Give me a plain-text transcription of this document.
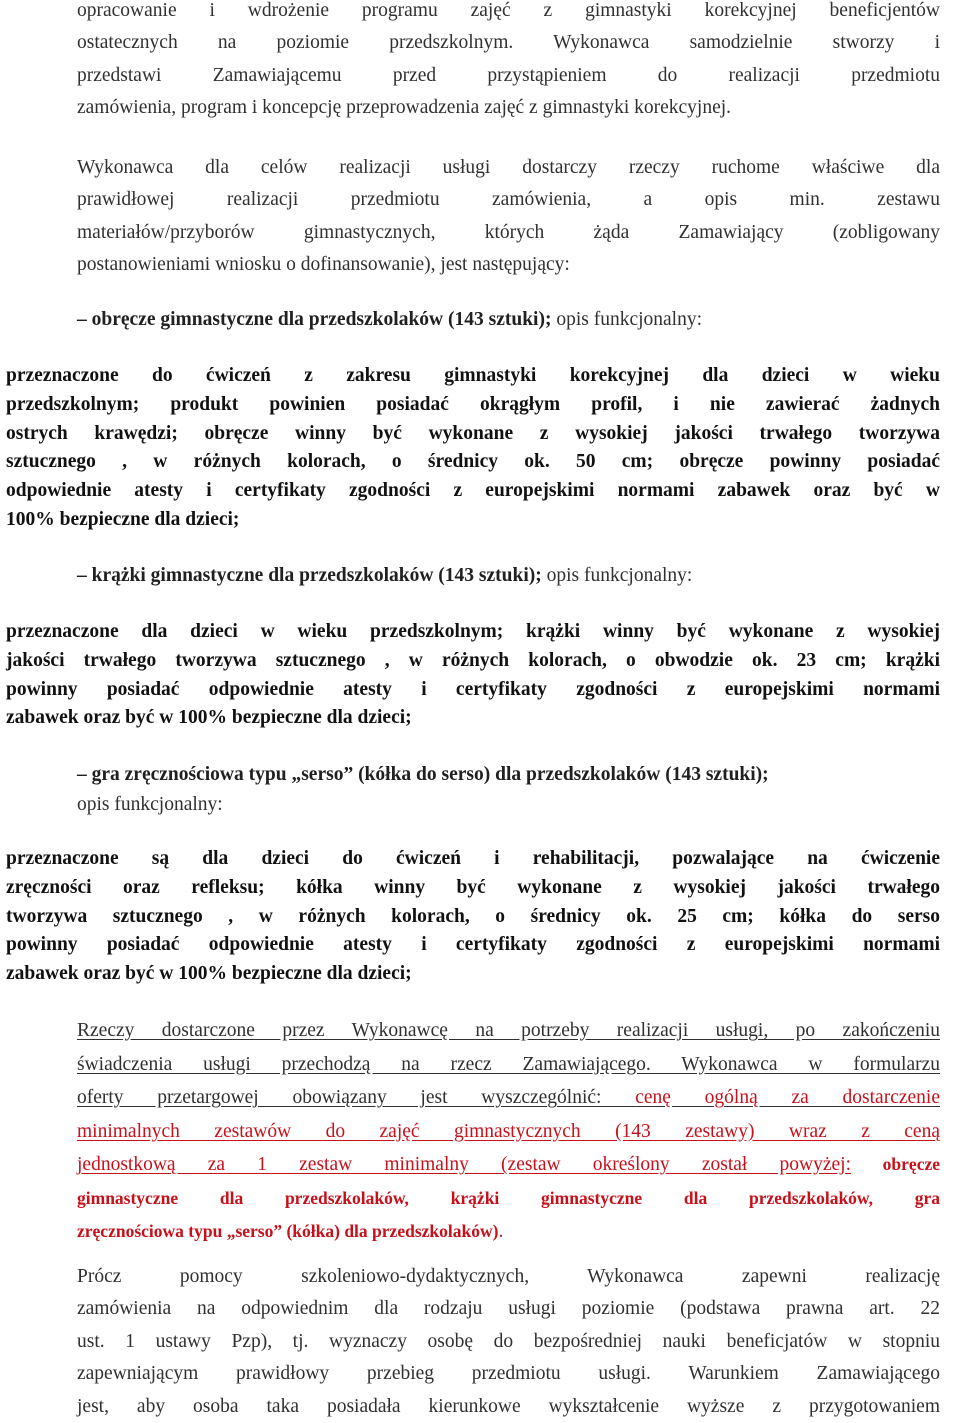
opracowanie i wdrożenie programu zajęć z gimnastyki korekcyjnej beneficjentów
ostatecznych na poziomie przedszkolnym. Wykonawca samodzielnie stworzy i
przedstawi Zamawiającemu przed przystąpieniem do realizacji przedmiotu
zamówienia, program i koncepcję przeprowadzenia zajęć z gimnastyki korekcyjnej.
Wykonawca dla celów realizacji usługi dostarczy rzeczy ruchome właściwe dla
prawidłowej realizacji przedmiotu zamówienia, a opis min. zestawu
materiałów/przyborów gimnastycznych, których żąda Zamawiający (zobligowany
postanowieniami wniosku o dofinansowanie), jest następujący:
– obręcze gimnastyczne dla przedszkolaków (143 sztuki); opis funkcjonalny:
przeznaczone do ćwiczeń z zakresu gimnastyki korekcyjnej dla dzieci w wieku
przedszkolnym; produkt powinien posiadać okrągłym profil, i nie zawierać żadnych
ostrych krawędzi; obręcze winny być wykonane z wysokiej jakości trwałego tworzywa
sztucznego , w różnych kolorach, o średnicy ok. 50 cm; obręcze powinny posiadać
odpowiednie atesty i certyfikaty zgodności z europejskimi normami zabawek oraz być w
100% bezpieczne dla dzieci;
– krążki gimnastyczne dla przedszkolaków (143 sztuki); opis funkcjonalny:
przeznaczone dla dzieci w wieku przedszkolnym; krążki winny być wykonane z wysokiej
jakości trwałego tworzywa sztucznego , w różnych kolorach, o obwodzie ok. 23 cm; krążki
powinny posiadać odpowiednie atesty i certyfikaty zgodności z europejskimi normami
zabawek oraz być w 100% bezpieczne dla dzieci;
– gra zręcznościowa typu „serso” (kółka do serso) dla przedszkolaków (143 sztuki);
opis funkcjonalny:
przeznaczone są dla dzieci do ćwiczeń i rehabilitacji, pozwalające na ćwiczenie
zręczności oraz refleksu; kółka winny być wykonane z wysokiej jakości trwałego
tworzywa sztucznego , w różnych kolorach, o średnicy ok. 25 cm; kółka do serso
powinny posiadać odpowiednie atesty i certyfikaty zgodności z europejskimi normami
zabawek oraz być w 100% bezpieczne dla dzieci;
Rzeczy dostarczone przez Wykonawcę na potrzeby realizacji usługi, po zakończeniu
świadczenia usługi przechodzą na rzecz Zamawiającego. Wykonawca w formularzu
oferty przetargowej obowiązany jest wyszczególnić: cenę ogólną za dostarczenie
minimalnych zestawów do zajęć gimnastycznych (143 zestawy) wraz z ceną
jednostkową za 1 zestaw minimalny (zestaw określony został powyżej: obręcze
gimnastyczne dla przedszkolaków, krążki gimnastyczne dla przedszkolaków, gra
zręcznościowa typu „serso” (kółka) dla przedszkolaków).
Prócz pomocy szkoleniowo-dydaktycznych, Wykonawca zapewni realizację
zamówienia na odpowiednim dla rodzaju usługi poziomie (podstawa prawna art. 22
ust. 1 ustawy Pzp), tj. wyznaczy osobę do bezpośredniej nauki beneficjatów w stopniu
zapewniającym prawidłowy przebieg przedmiotu usługi. Warunkiem Zamawiającego
jest, aby osoba taka posiadała kierunkowe wykształcenie wyższe z przygotowaniem
